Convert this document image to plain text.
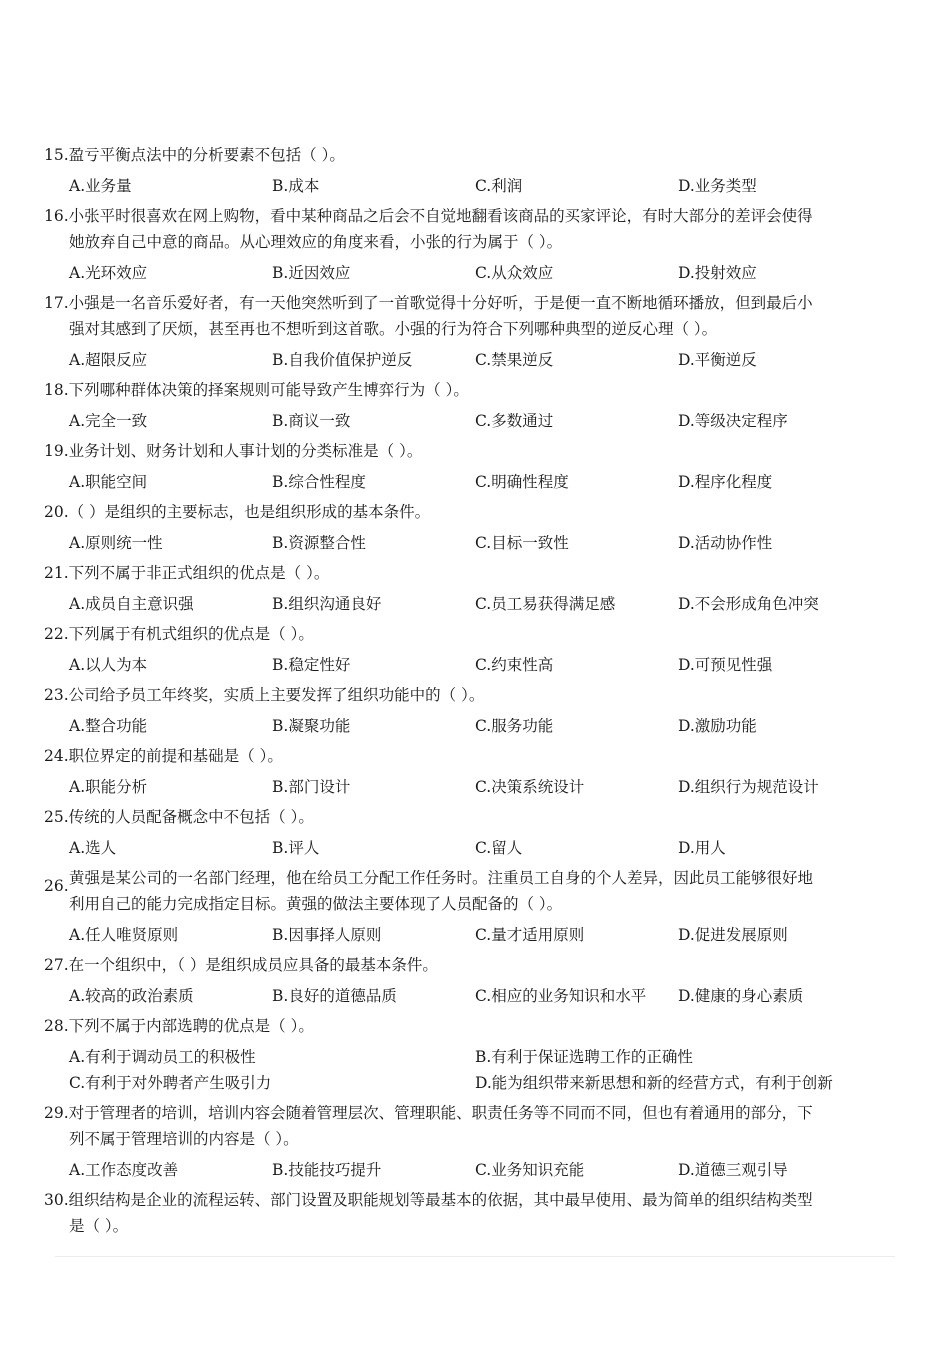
15.盈亏平衡点法中的分析要素不包括（ ）。
A.业务量	B.成本	C.利润	D.业务类型
16.小张平时很喜欢在网上购物，看中某种商品之后会不自觉地翻看该商品的买家评论，有时大部分的差评会使得
她放弃自己中意的商品。从心理效应的角度来看，小张的行为属于（ ）。
A.光环效应	B.近因效应	C.从众效应	D.投射效应
17.小强是一名音乐爱好者，有一天他突然听到了一首歌觉得十分好听，于是便一直不断地循环播放，但到最后小
强对其感到了厌烦，甚至再也不想听到这首歌。小强的行为符合下列哪种典型的逆反心理（ ）。
A.超限反应	B.自我价值保护逆反	C.禁果逆反	D.平衡逆反
18.下列哪种群体决策的择案规则可能导致产生博弈行为（ ）。
A.完全一致	B.商议一致	C.多数通过	D.等级决定程序
19.业务计划、财务计划和人事计划的分类标准是（ ）。
A.职能空间	B.综合性程度	C.明确性程度	D.程序化程度
20.（ ）是组织的主要标志，也是组织形成的基本条件。
A.原则统一性	B.资源整合性	C.目标一致性	D.活动协作性
21.下列不属于非正式组织的优点是（ ）。
A.成员自主意识强	B.组织沟通良好	C.员工易获得满足感	D.不会形成角色冲突
22.下列属于有机式组织的优点是（ ）。
A.以人为本	B.稳定性好	C.约束性高	D.可预见性强
23.公司给予员工年终奖，实质上主要发挥了组织功能中的（ ）。
A.整合功能	B.凝聚功能	C.服务功能	D.激励功能
24.职位界定的前提和基础是（ ）。
A.职能分析	B.部门设计	C.决策系统设计	D.组织行为规范设计
25.传统的人员配备概念中不包括（ ）。
A.选人	B.评人	C.留人	D.用人
26. 黄强是某公司的一名部门经理，他在给员工分配工作任务时。注重员工自身的个人差异，因此员工能够很好地
利用自己的能力完成指定目标。黄强的做法主要体现了人员配备的（ ）。
A.任人唯贤原则	B.因事择人原则	C.量才适用原则	D.促进发展原则
27.在一个组织中，（ ）是组织成员应具备的最基本条件。
A.较高的政治素质	B.良好的道德品质	C.相应的业务知识和水平 D.健康的身心素质
28.下列不属于内部选聘的优点是（ ）。
A.有利于调动员工的积极性	B.有利于保证选聘工作的正确性
C.有利于对外聘者产生吸引力	D.能为组织带来新思想和新的经营方式，有利于创新
29.对于管理者的培训，培训内容会随着管理层次、管理职能、职责任务等不同而不同，但也有着通用的部分，下
列不属于管理培训的内容是（ ）。
A.工作态度改善	B.技能技巧提升	C.业务知识充能	D.道德三观引导
30.组织结构是企业的流程运转、部门设置及职能规划等最基本的依据，其中最早使用、最为简单的组织结构类型
是（ ）。
